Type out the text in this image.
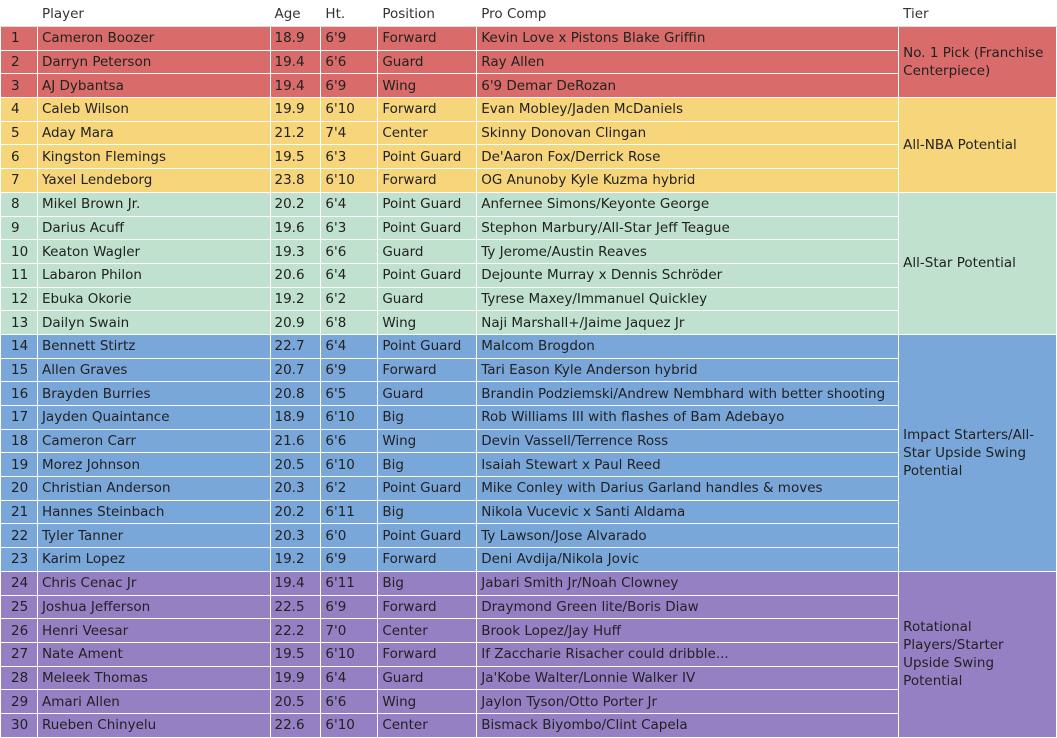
	Player	Age	Ht.	Position	Pro Comp	Tier
1	Cameron Boozer	18.9	6'9	Forward	Kevin Love x Pistons Blake Griffin	No. 1 Pick (Franchise Centerpiece)
2	Darryn Peterson	19.4	6'6	Guard	Ray Allen	
3	AJ Dybantsa	19.4	6'9	Wing	6'9 Demar DeRozan	
4	Caleb Wilson	19.9	6'10	Forward	Evan Mobley/Jaden McDaniels	All-NBA Potential
5	Aday Mara	21.2	7'4	Center	Skinny Donovan Clingan	
6	Kingston Flemings	19.5	6'3	Point Guard	De'Aaron Fox/Derrick Rose	
7	Yaxel Lendeborg	23.8	6'10	Forward	OG Anunoby Kyle Kuzma hybrid	
8	Mikel Brown Jr.	20.2	6'4	Point Guard	Anfernee Simons/Keyonte George	All-Star Potential
9	Darius Acuff	19.6	6'3	Point Guard	Stephon Marbury/All-Star Jeff Teague	
10	Keaton Wagler	19.3	6'6	Guard	Ty Jerome/Austin Reaves	
11	Labaron Philon	20.6	6'4	Point Guard	Dejounte Murray x Dennis Schröder	
12	Ebuka Okorie	19.2	6'2	Guard	Tyrese Maxey/Immanuel Quickley	
13	Dailyn Swain	20.9	6'8	Wing	Naji Marshall+/Jaime Jaquez Jr	
14	Bennett Stirtz	22.7	6'4	Point Guard	Malcom Brogdon	Impact Starters/All-Star Upside Swing Potential
15	Allen Graves	20.7	6'9	Forward	Tari Eason Kyle Anderson hybrid	
16	Brayden Burries	20.8	6'5	Guard	Brandin Podziemski/Andrew Nembhard with better shooting	
17	Jayden Quaintance	18.9	6'10	Big	Rob Williams III with flashes of Bam Adebayo	
18	Cameron Carr	21.6	6'6	Wing	Devin Vassell/Terrence Ross	
19	Morez Johnson	20.5	6'10	Big	Isaiah Stewart x Paul Reed	
20	Christian Anderson	20.3	6'2	Point Guard	Mike Conley with Darius Garland handles & moves	
21	Hannes Steinbach	20.2	6'11	Big	Nikola Vucevic x Santi Aldama	
22	Tyler Tanner	20.3	6'0	Point Guard	Ty Lawson/Jose Alvarado	
23	Karim Lopez	19.2	6'9	Forward	Deni Avdija/Nikola Jovic	
24	Chris Cenac Jr	19.4	6'11	Big	Jabari Smith Jr/Noah Clowney	Rotational Players/Starter Upside Swing Potential
25	Joshua Jefferson	22.5	6'9	Forward	Draymond Green lite/Boris Diaw	
26	Henri Veesar	22.2	7'0	Center	Brook Lopez/Jay Huff	
27	Nate Ament	19.5	6'10	Forward	If Zaccharie Risacher could dribble...	
28	Meleek Thomas	19.9	6'4	Guard	Ja'Kobe Walter/Lonnie Walker IV	
29	Amari Allen	20.5	6'6	Wing	Jaylon Tyson/Otto Porter Jr	
30	Rueben Chinyelu	22.6	6'10	Center	Bismack Biyombo/Clint Capela	
